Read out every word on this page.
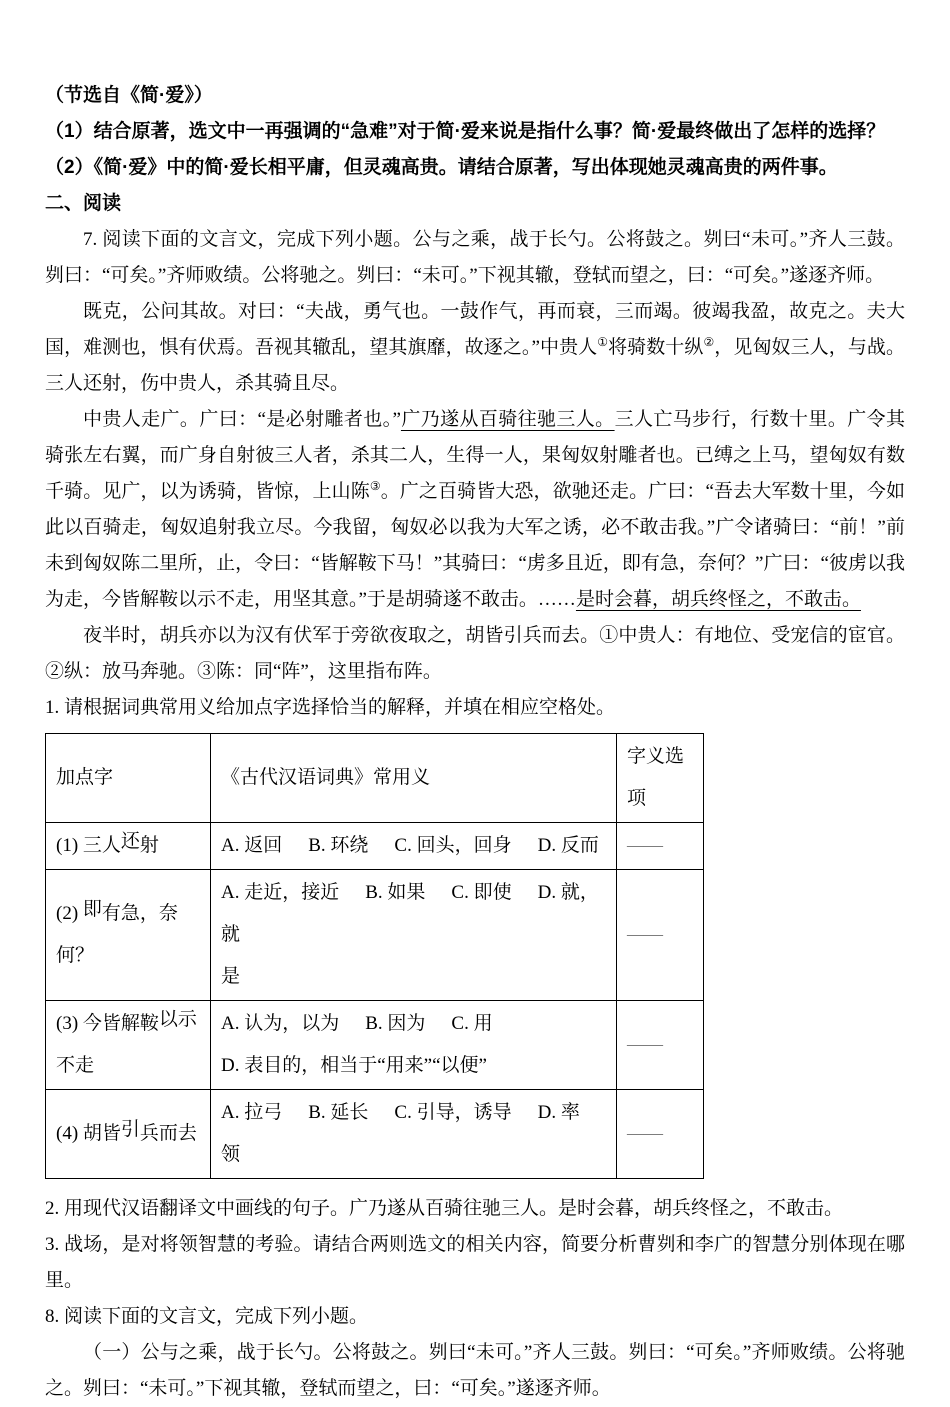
（节选自《简·爱》）

（1）结合原著，选文中一再强调的“急难”对于简·爱来说是指什么事？简·爱最终做出了怎样的选择？

（2）《简·爱》中的简·爱长相平庸，但灵魂高贵。请结合原著，写出体现她灵魂高贵的两件事。

二、阅读

7. 阅读下面的文言文，完成下列小题。公与之乘，战于长勺。公将鼓之。刿曰“未可。”齐人三鼓。刿曰：“可矣。”齐师败绩。公将驰之。刿曰：“未可。”下视其辙，登轼而望之，曰：“可矣。”遂逐齐师。

既克，公问其故。对曰：“夫战，勇气也。一鼓作气，再而衰，三而竭。彼竭我盈，故克之。夫大国，难测也，惧有伏焉。吾视其辙乱，望其旗靡，故逐之。”中贵人①将骑数十纵②，见匈奴三人，与战。三人还射，伤中贵人，杀其骑且尽。

中贵人走广。广曰：“是必射雕者也。”广乃遂从百骑往驰三人。三人亡马步行，行数十里。广令其骑张左右翼，而广身自射彼三人者，杀其二人，生得一人，果匈奴射雕者也。已缚之上马，望匈奴有数千骑。见广，以为诱骑，皆惊，上山陈③。广之百骑皆大恐，欲驰还走。广曰：“吾去大军数十里，今如此以百骑走，匈奴追射我立尽。今我留，匈奴必以我为大军之诱，必不敢击我。”广令诸骑曰：“前！”前未到匈奴陈二里所，止，令曰：“皆解鞍下马！”其骑曰：“虏多且近，即有急，奈何？”广曰：“彼虏以我为走，今皆解鞍以示不走，用坚其意。”于是胡骑遂不敢击。……是时会暮，胡兵终怪之，不敢击。

夜半时，胡兵亦以为汉有伏军于旁欲夜取之，胡皆引兵而去。①中贵人：有地位、受宠信的宦官。②纵：放马奔驰。③陈：同“阵”，这里指布阵。

1. 请根据词典常用义给加点字选择恰当的解释，并填在相应空格处。

加点字	《古代汉语词典》常用义	字义选项
(1) 三人还射	A. 返回 B. 环绕 C. 回头，回身 D. 反而	——
(2) 即有急，奈何？	A. 走近，接近 B. 如果 C. 即使 D. 就，就
是	——
(3) 今皆解鞍以示不走	A. 认为，以为 B. 因为 C. 用
D. 表目的，相当于“用来”“以便”	——
(4) 胡皆引兵而去	A. 拉弓 B. 延长 C. 引导，诱导 D. 率
领	——

2. 用现代汉语翻译文中画线的句子。广乃遂从百骑往驰三人。是时会暮，胡兵终怪之，不敢击。

3. 战场，是对将领智慧的考验。请结合两则选文的相关内容，简要分析曹刿和李广的智慧分别体现在哪里。

8. 阅读下面的文言文，完成下列小题。

（一）公与之乘，战于长勺。公将鼓之。刿曰“未可。”齐人三鼓。刿曰：“可矣。”齐师败绩。公将驰之。刿曰：“未可。”下视其辙，登轼而望之，曰：“可矣。”遂逐齐师。
